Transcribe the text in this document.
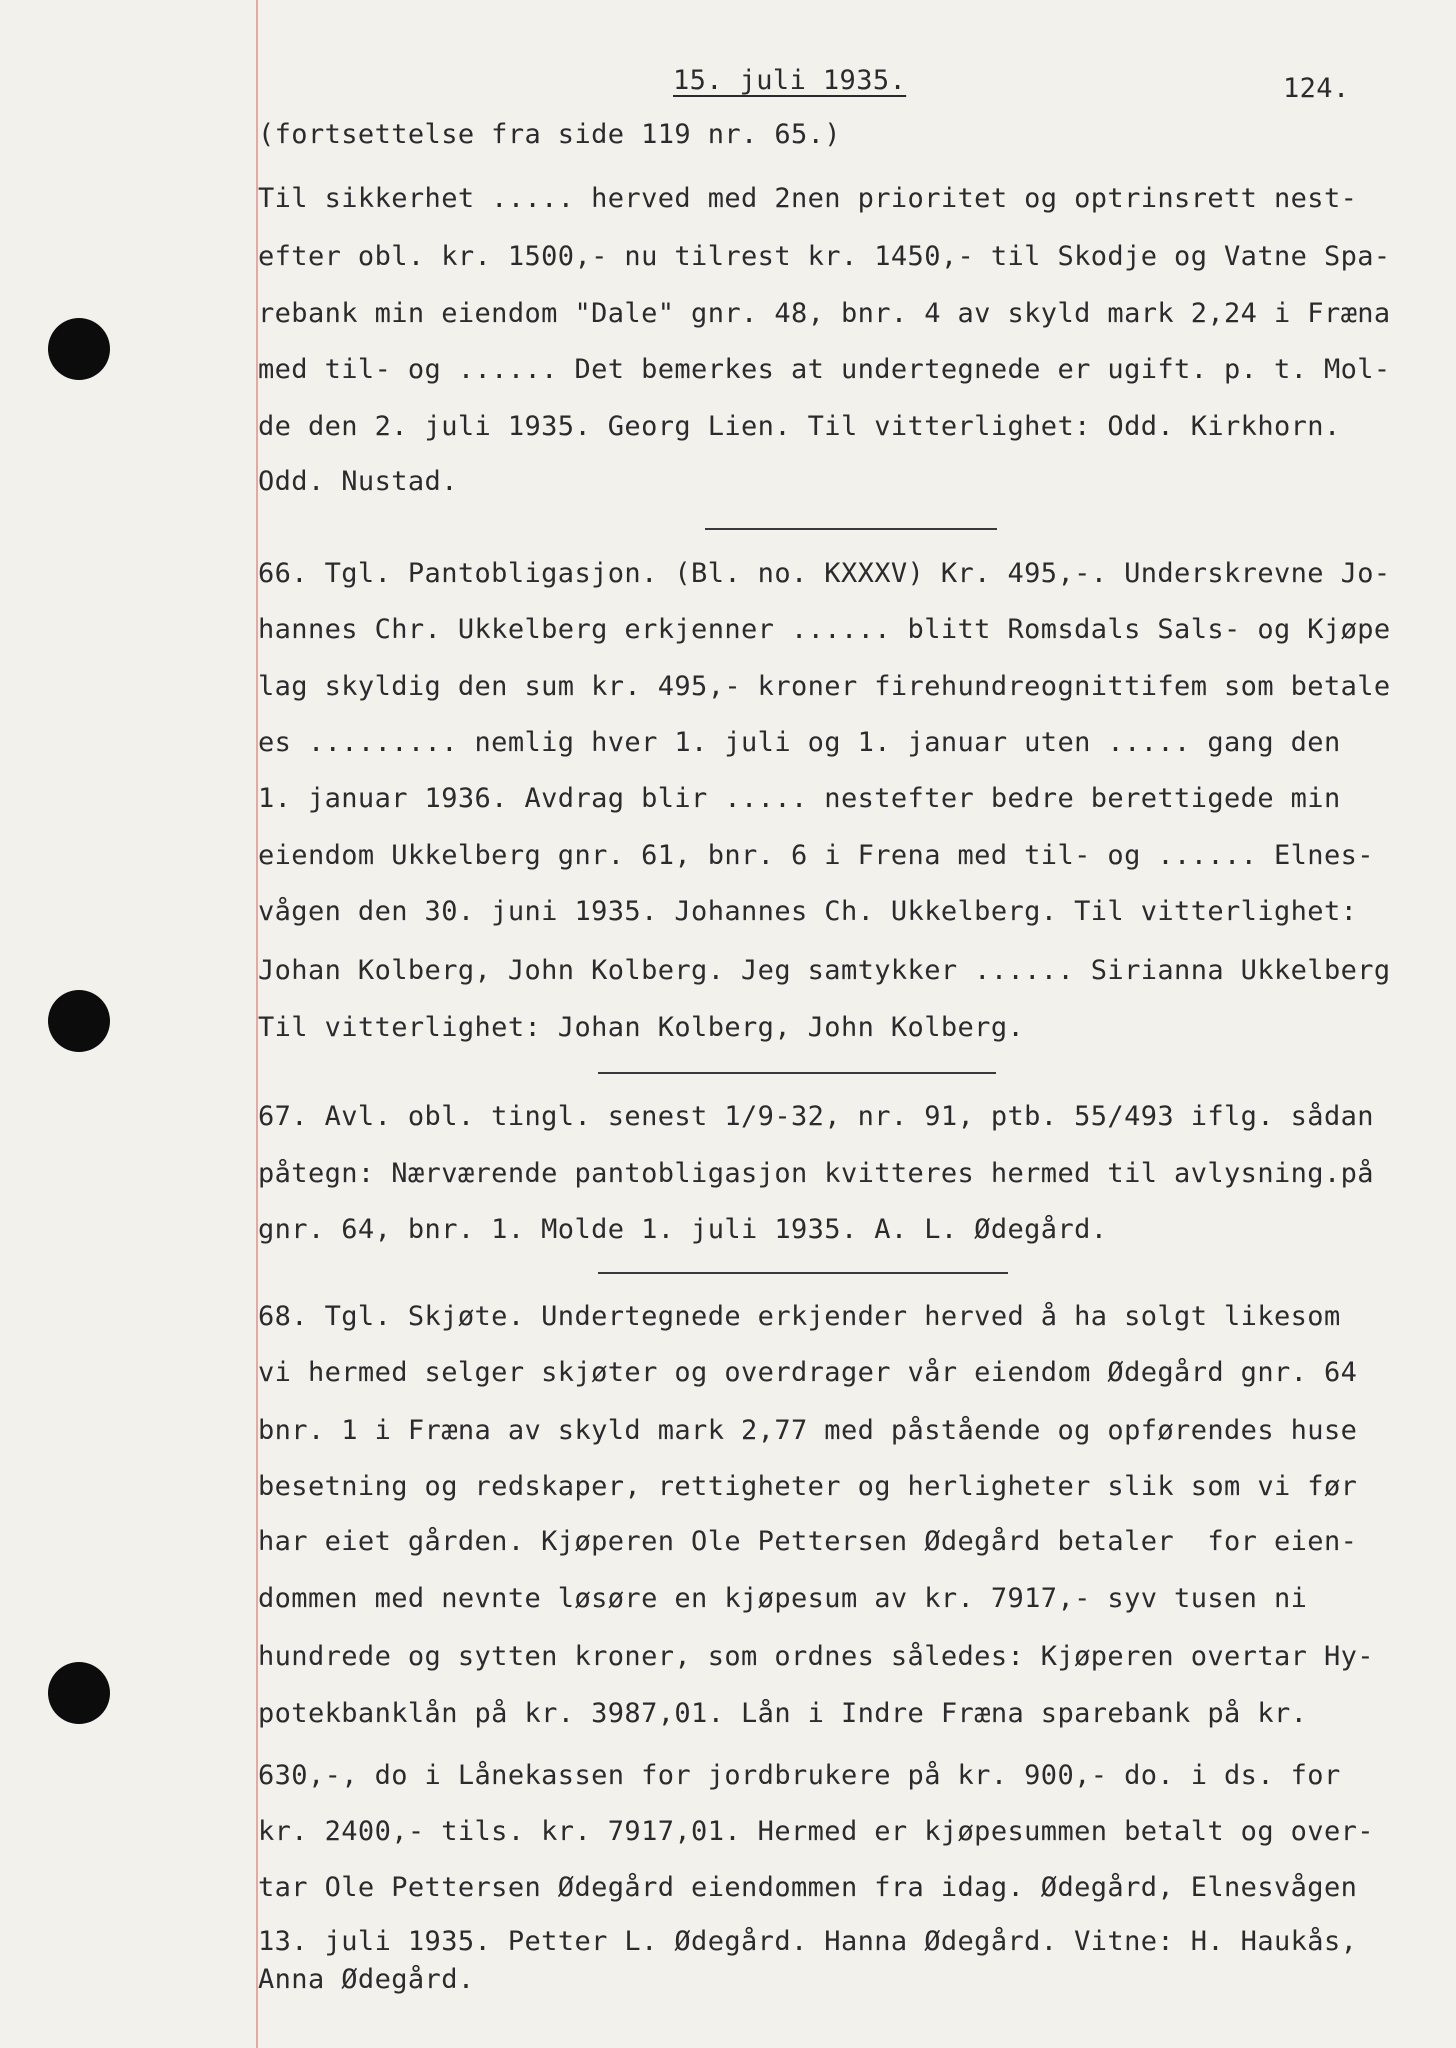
15. juli 1935.	124.
(fortsettelse fra side 119 nr. 65.)
Til sikkerhet ..... herved med 2nen prioritet og optrinsrett nest-
efter obl. kr. 1500,- nu tilrest kr. 1450,- til Skodje og Vatne Spa-
rebank min eiendom "Dale" gnr. 48, bnr. 4 av skyld mark 2,24 i Fræna
med til- og ...... Det bemerkes at undertegnede er ugift. p. t. Mol-
de den 2. juli 1935. Georg Lien. Til vitterlighet: Odd. Kirkhorn.
Odd. Nustad.
66. Tgl. Pantobligasjon. (Bl. no. KXXXV) Kr. 495,-. Underskrevne Jo-
hannes Chr. Ukkelberg erkjenner ...... blitt Romsdals Sals- og Kjøpe
lag skyldig den sum kr. 495,- kroner firehundreognittifem som betale
es ......... nemlig hver 1. juli og 1. januar uten ..... gang den
1. januar 1936. Avdrag blir ..... nestefter bedre berettigede min
eiendom Ukkelberg gnr. 61, bnr. 6 i Frena med til- og ...... Elnes-
vågen den 30. juni 1935. Johannes Ch. Ukkelberg. Til vitterlighet:
Johan Kolberg, John Kolberg. Jeg samtykker ...... Sirianna Ukkelberg
Til vitterlighet: Johan Kolberg, John Kolberg.
67. Avl. obl. tingl. senest 1/9-32, nr. 91, ptb. 55/493 iflg. sådan
påtegn: Nærværende pantobligasjon kvitteres hermed til avlysning.på
gnr. 64, bnr. 1. Molde 1. juli 1935. A. L. Ødegård.
68. Tgl. Skjøte. Undertegnede erkjender herved å ha solgt likesom
vi hermed selger skjøter og overdrager vår eiendom Ødegård gnr. 64
bnr. 1 i Fræna av skyld mark 2,77 med påstående og opførendes huse
besetning og redskaper, rettigheter og herligheter slik som vi før
har eiet gården. Kjøperen Ole Pettersen Ødegård betaler  for eien-
dommen med nevnte løsøre en kjøpesum av kr. 7917,- syv tusen ni
hundrede og sytten kroner, som ordnes således: Kjøperen overtar Hy-
potekbanklån på kr. 3987,01. Lån i Indre Fræna sparebank på kr.
630,-, do i Lånekassen for jordbrukere på kr. 900,- do. i ds. for
kr. 2400,- tils. kr. 7917,01. Hermed er kjøpesummen betalt og over-
tar Ole Pettersen Ødegård eiendommen fra idag. Ødegård, Elnesvågen
13. juli 1935. Petter L. Ødegård. Hanna Ødegård. Vitne: H. Haukås,
Anna Ødegård.
